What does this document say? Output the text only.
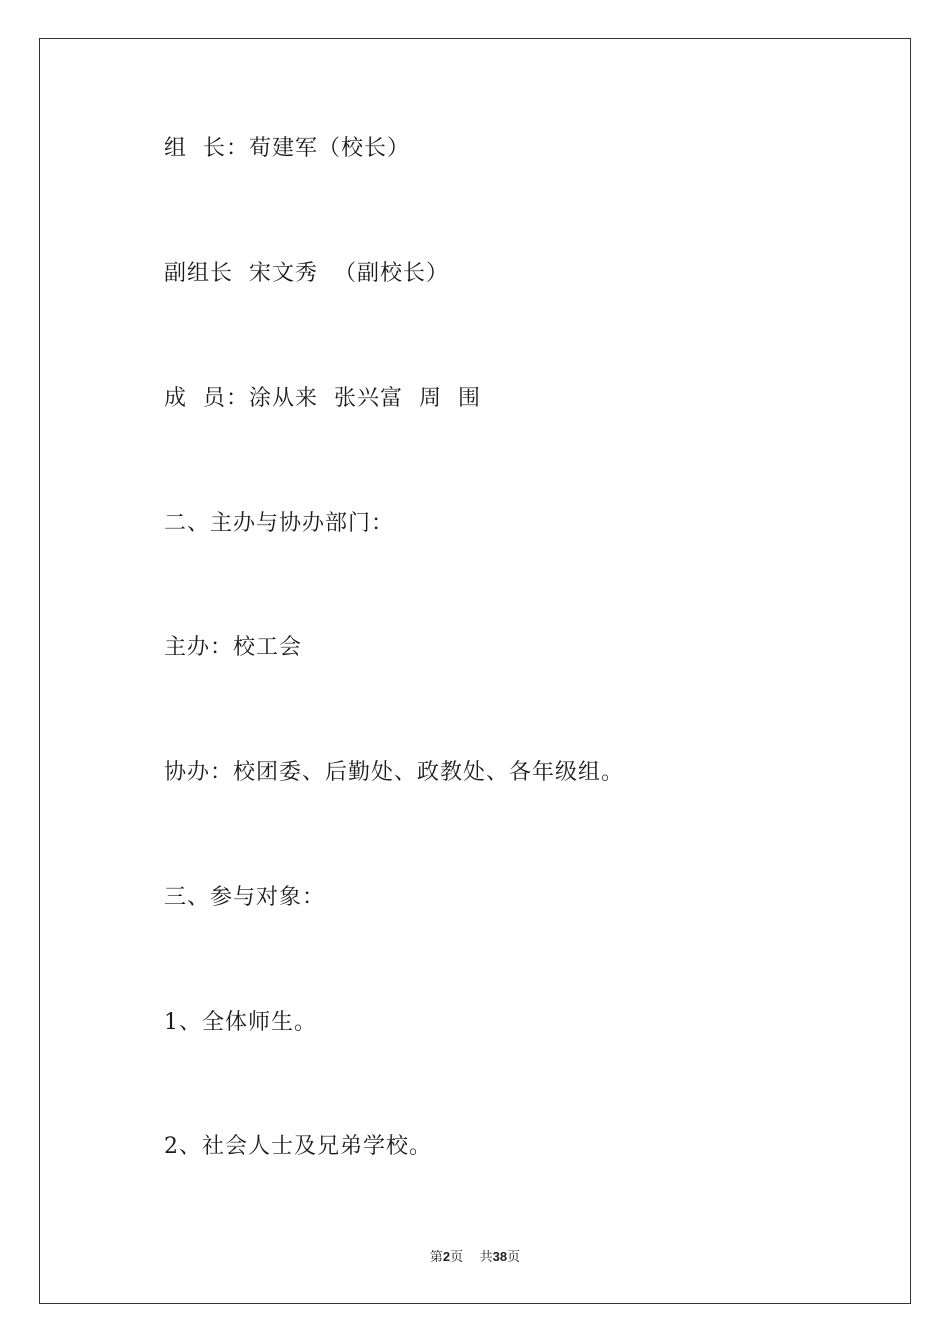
组  长：荀建军（校长）
副组长  宋文秀  （副校长）
成  员：涂从来  张兴富  周  围
二、主办与协办部门：
主办：校工会
协办：校团委、后勤处、政教处、各年级组。
三、参与对象：
1、全体师生。
2、社会人士及兄弟学校。
第2页 共38页
